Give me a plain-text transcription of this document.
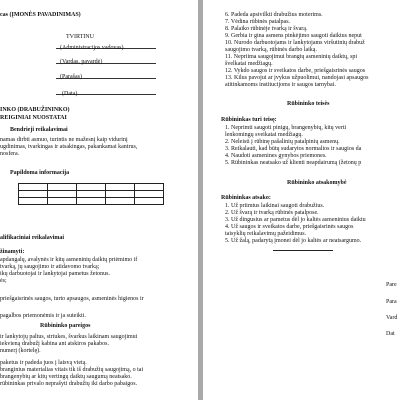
cas (ĮMONĖS PAVADINIMAS)
TVIRTINU
(Administracijos vadovas)
(Vardas, pavardė)
(Parašas)
(Data)
INKO (DRABUŽININKO)
REIGINIAI NUOSTATAI
Bendrieji reikalavimai
namas dirbti asmuo, turintis ne mažesnį kaip vidurinį
ugdinimas, tvarkingas ir atsakingas, pakankamai kantrus,
nosfera.
Papildoma informacija

alifikaciniai reikalavimai
žinamyti:
apdangalų, avalynės ir kitų asmeninių daiktų priėmimo if
tvarką, jų saugojimo ir atidavomo tvarką;
ikų darbuotojai ir lankytojai pametus žetonus.
ės;
priešgaisrinės saugos, turto apsaugos, asmeninės higienos ir
pagalbos priemonėmis ir ja suteikti.
Rūbininko pareigos
ir lankytojų paltus, striukes, švarkus laikinam saugojimui
iekvieną drabužį kabina ant atskiros pakabos.
numerį (kortelę).
paketus ir padeda juos į laisvą vietą.
branginius materialias vitais tik iš drabužių saugojimą, o tai
brangenybių ar kitų vertingų daiktų saugumą neatsako.
rūbininkas privalo neprašyti drabužių iki darbo pabaigos.
6. Padeda apsivilkti drabužius moterims.
7. Vėdina rūbinės patalpas.
8. Palaiko rūbinėje tvarką ir švarą.
9. Gerbia ir gina asmens pinkėjimo saugoti daiktus neput
10. Nurodo darbuotojams ir lankytojams viršutinių drabuž
saugojimo tvarką, rūbinės darbo laiką.
11. Nepriima saugojimui brangių asmeninių daiktų, spi
švelkatai medžiagų.
12. Vykdo saugos ir sveikatos darbe, priešgaisrinės saugos
13. Kilus pavojui ar įvykus užpuolimui, nandojasi apsaugos
atitinkamoms institucijoms ir saugos tarnybai.
Rūbininko teisės
Rūbininkas turi teisę:
1. Neprimti saugoti pinigų, brangenybių, kitų verti
lenkomingų sveikatai medžiagų.
2. Neleisti į rūbinę pašalinių patalpinių asmenų.
3. Reikalauti, kad būtų sudarytos normalios ir saugios da
4. Naudoti asmenines gynybos priemones.
5. Rūbininkas neatsako už klienti neapdairumą (žetonų p
Rūbininko atsakomybė
Rūbininkas atsako:
1. Už priimtus laikinai saugoti drabužius.
2. Už švarą ir tvarką rūbinės patalpose.
3. Už dingusius ar pametus dėl jo kaltės asmeninius daiktu
4. Už saugos ir sveikatos darbe, priešgaisrinės saugos
taisyklių reikalavimų pažeidimus.
5. Už žalą, padarytą įmonei dėl jo kaltės ar neatsargumo.
Pare
Para
Vard
Dat
